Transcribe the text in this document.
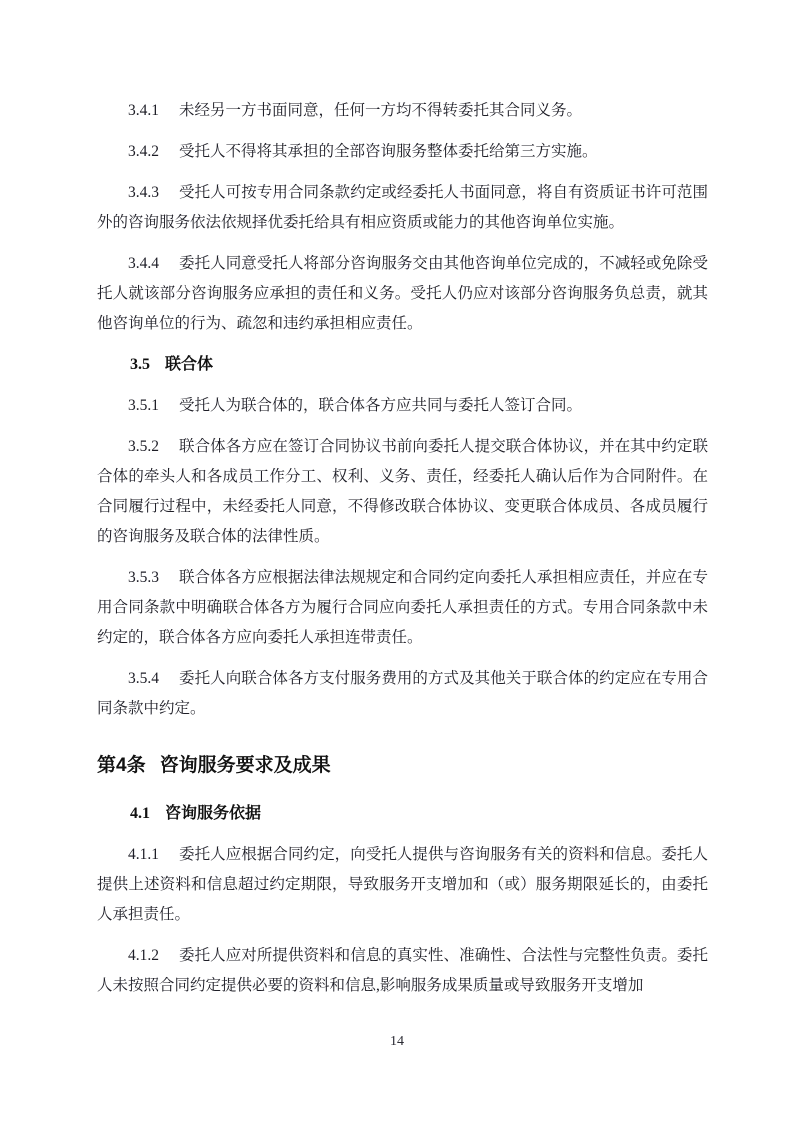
3.4.1 未经另一方书面同意，任何一方均不得转委托其合同义务。

3.4.2 受托人不得将其承担的全部咨询服务整体委托给第三方实施。

3.4.3 受托人可按专用合同条款约定或经委托人书面同意，将自有资质证书许可范围外的咨询服务依法依规择优委托给具有相应资质或能力的其他咨询单位实施。

3.4.4 委托人同意受托人将部分咨询服务交由其他咨询单位完成的，不减轻或免除受托人就该部分咨询服务应承担的责任和义务。受托人仍应对该部分咨询服务负总责，就其他咨询单位的行为、疏忽和违约承担相应责任。

3.5 联合体

3.5.1 受托人为联合体的，联合体各方应共同与委托人签订合同。

3.5.2 联合体各方应在签订合同协议书前向委托人提交联合体协议，并在其中约定联合体的牵头人和各成员工作分工、权利、义务、责任，经委托人确认后作为合同附件。在合同履行过程中，未经委托人同意，不得修改联合体协议、变更联合体成员、各成员履行的咨询服务及联合体的法律性质。

3.5.3 联合体各方应根据法律法规规定和合同约定向委托人承担相应责任，并应在专用合同条款中明确联合体各方为履行合同应向委托人承担责任的方式。专用合同条款中未约定的，联合体各方应向委托人承担连带责任。

3.5.4 委托人向联合体各方支付服务费用的方式及其他关于联合体的约定应在专用合同条款中约定。

第4条 咨询服务要求及成果
4.1 咨询服务依据

4.1.1 委托人应根据合同约定，向受托人提供与咨询服务有关的资料和信息。委托人提供上述资料和信息超过约定期限，导致服务开支增加和（或）服务期限延长的，由委托人承担责任。

4.1.2 委托人应对所提供资料和信息的真实性、准确性、合法性与完整性负责。委托人未按照合同约定提供必要的资料和信息,影响服务成果质量或导致服务开支增加

14
